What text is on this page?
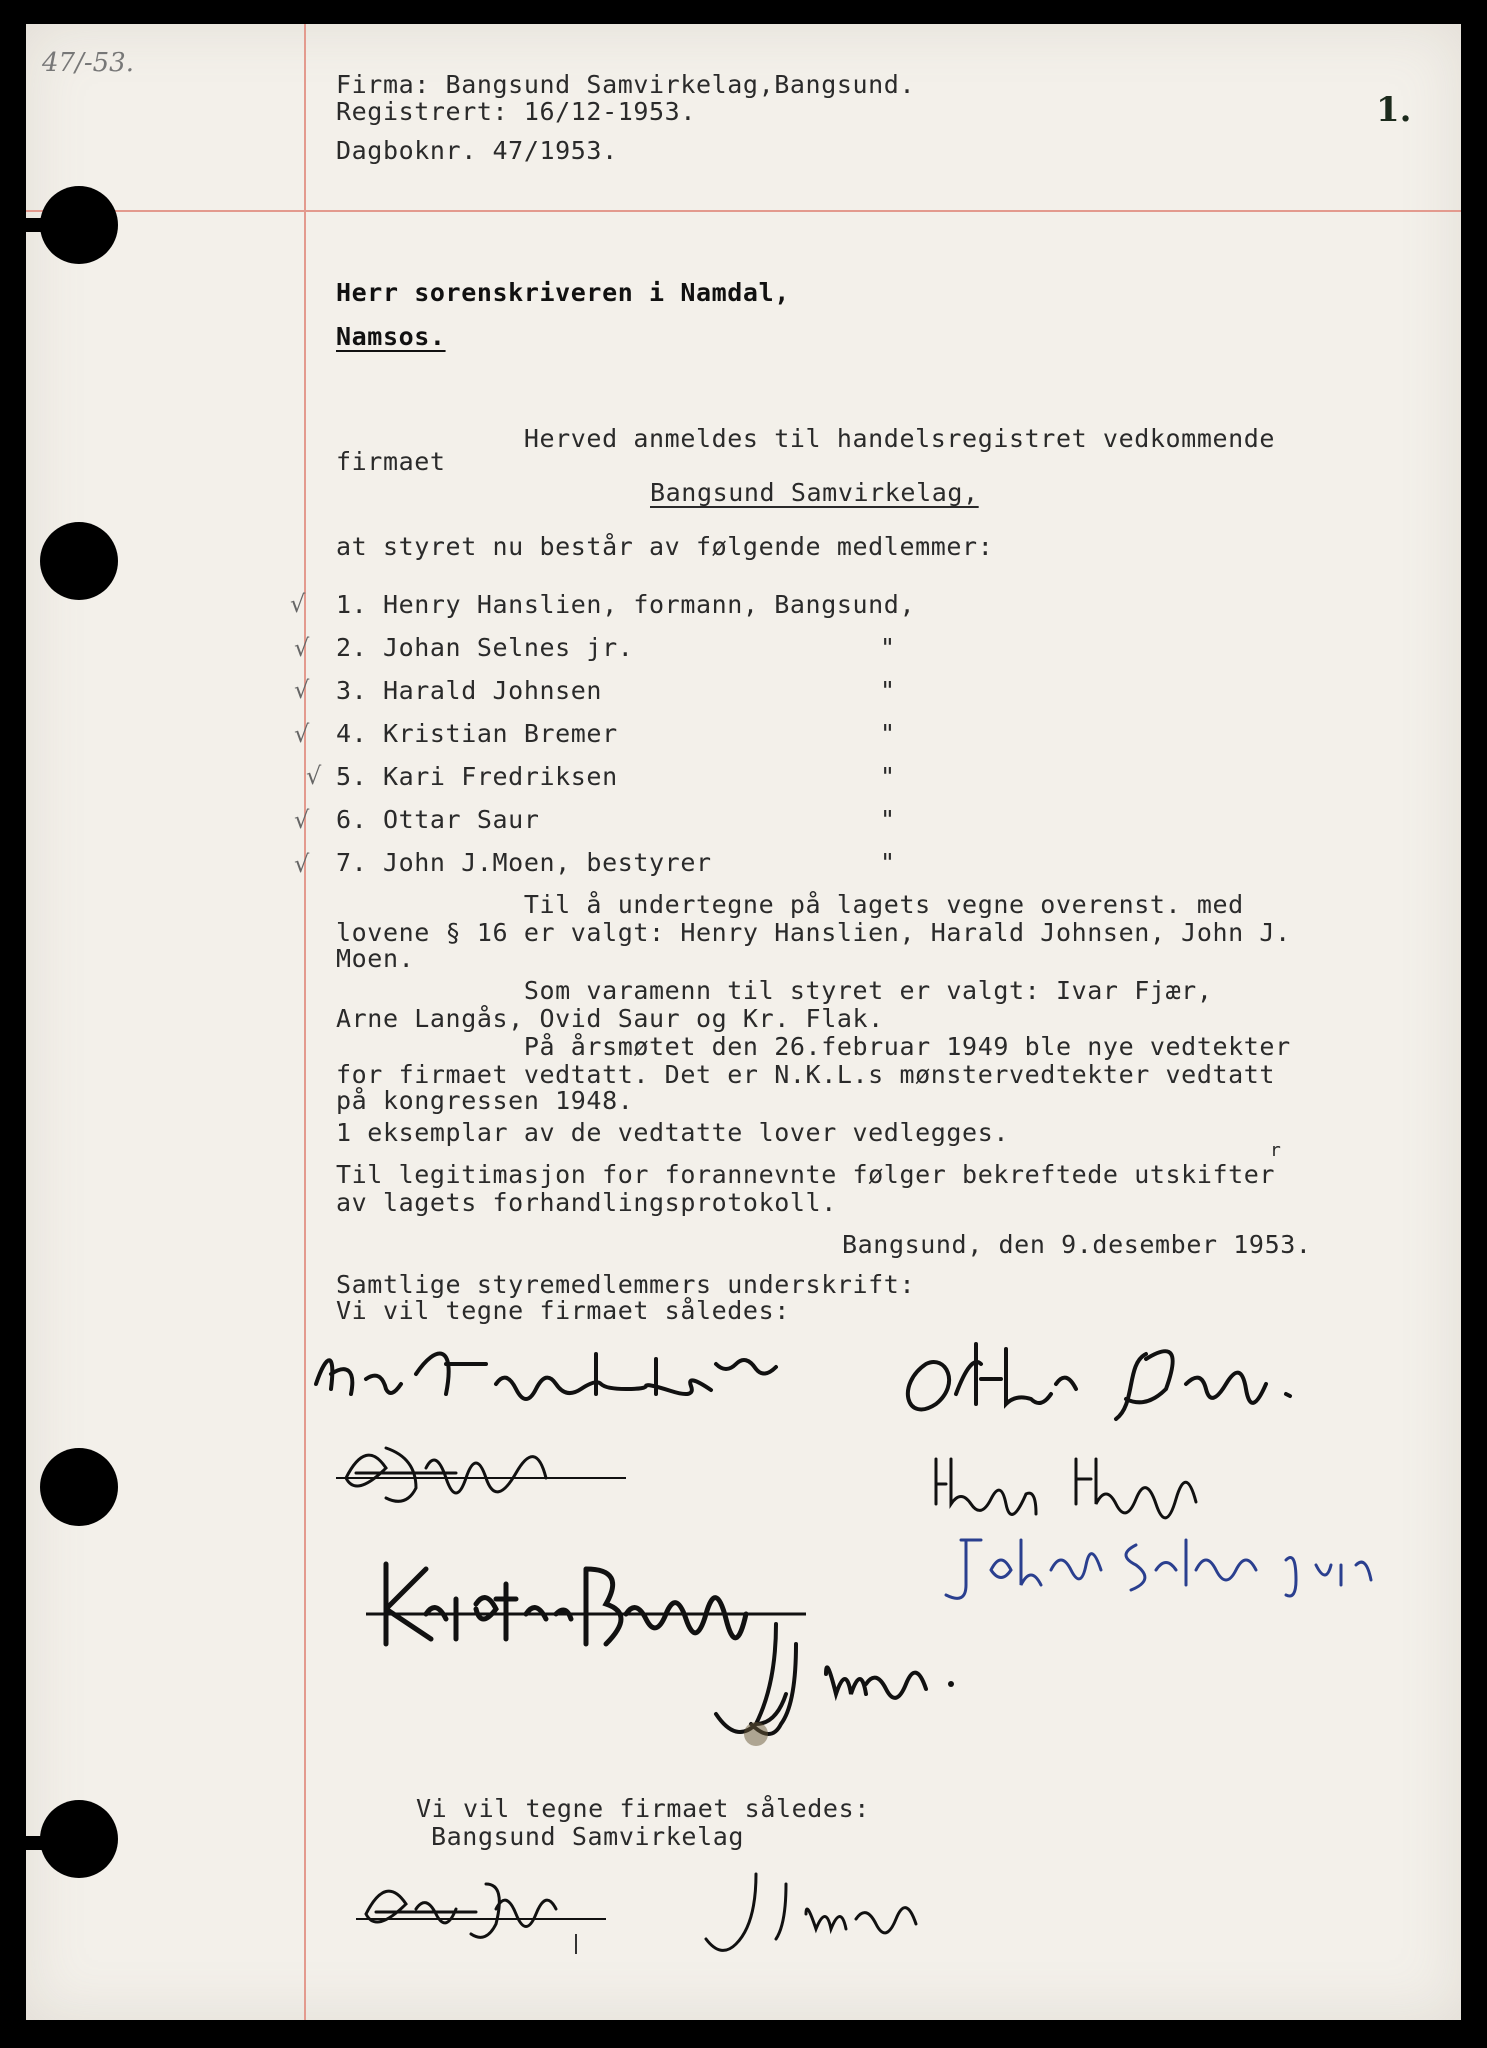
47/-53.
Firma: Bangsund Samvirkelag,Bangsund.
Registrert: 16/12-1953.
Dagboknr. 47/1953.
1.
Herr sorenskriveren i Namdal,
Namsos.
Herved anmeldes til handelsregistret vedkommende
firmaet
Bangsund Samvirkelag,
at styret nu består av følgende medlemmer:
√ 1. Henry Hanslien, formann, Bangsund,
√ 2. Johan Selnes jr.	"
√ 3. Harald Johnsen	"
√ 4. Kristian Bremer	"
√ 5. Kari Fredriksen	"
√ 6. Ottar Saur	"
√ 7. John J.Moen, bestyrer	"
Til å undertegne på lagets vegne overenst. med
lovene § 16 er valgt: Henry Hanslien, Harald Johnsen, John J.
Moen.
Som varamenn til styret er valgt: Ivar Fjær,
Arne Langås, Ovid Saur og Kr. Flak.
På årsmøtet den 26.februar 1949 ble nye vedtekter
for firmaet vedtatt. Det er N.K.L.s mønstervedtekter vedtatt
på kongressen 1948.
1 eksemplar av de vedtatte lover vedlegges.
r
Til legitimasjon for forannevnte følger bekreftede utskifter
av lagets forhandlingsprotokoll.
Bangsund, den 9.desember 1953.
Samtlige styremedlemmers underskrift:
Vi vil tegne firmaet således:
Vi vil tegne firmaet således:
Bangsund Samvirkelag
